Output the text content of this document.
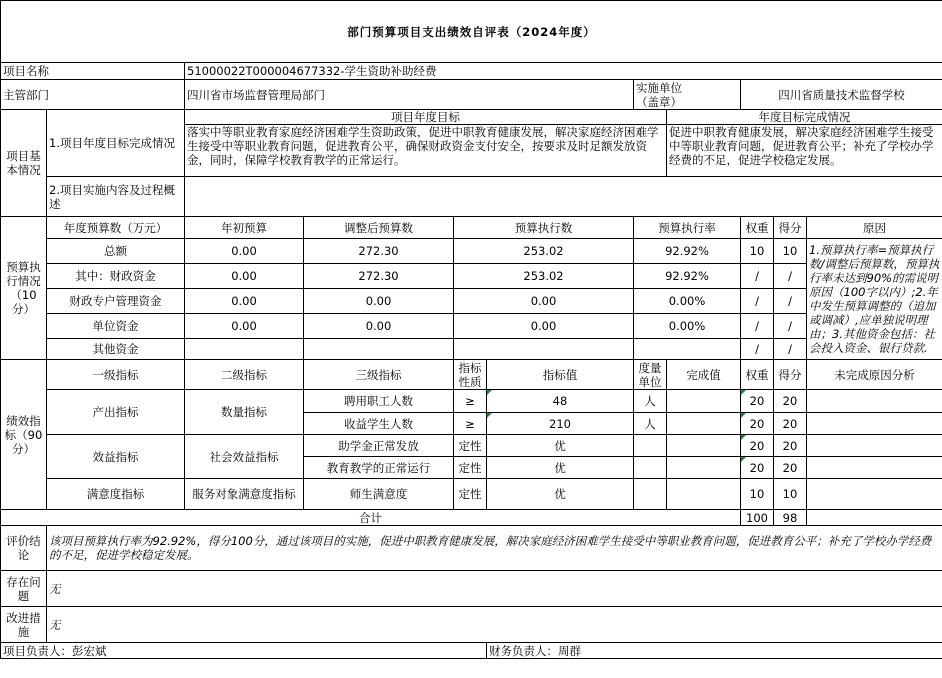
部门预算项目支出绩效自评表（2024年度）										
项目名称		51000022T000004677332-学生资助补助经费								
主管部门		四川省市场监督管理局部门				实施单位
（盖章）		四川省质量技术监督学校		
项目基本情况	1.项目年度目标完成情况	项目年度目标					年度目标完成情况			
		落实中等职业教育家庭经济困难学生资助政策，促进中职教育健康发展，解决家庭经济困难学生接受中等职业教育问题，促进教育公平，确保财政资金支付安全，按要求及时足额发放资金，同时，保障学校教育教学的正常运行。					促进中职教育健康发展，解决家庭经济困难学生接受中等职业教育问题，促进教育公平；补充了学校办学经费的不足，促进学校稳定发展。			
	2.项目实施内容及过程概述									
预算执行情况（10分）	年度预算数（万元）	年初预算	调整后预算数	预算执行数		预算执行率		权重	得分	原因
	总额	0.00	272.30	253.02		92.92%		10	10	1.预算执行率=预算执行数/调整后预算数，预算执行率未达到90%的需说明原因（100字以内）;2.年中发生预算调整的（追加或调减）,应单独说明理由；3.其他资金包括：社会投入资金、银行贷款.
	其中：财政资金	0.00	272.30	253.02		92.92%		/	/	
	财政专户管理资金	0.00	0.00	0.00		0.00%		/	/	
	单位资金	0.00	0.00	0.00		0.00%		/	/	
	其他资金							/	/	
绩效指标（90分）	一级指标	二级指标	三级指标	指标性质	指标值	度量单位	完成值	权重	得分	未完成原因分析
	产出指标	数量指标	聘用职工人数	≥	48	人		20	20	
			收益学生人数	≥	210	人		20	20	
	效益指标	社会效益指标	助学金正常发放	定性	优			20	20	
			教育教学的正常运行	定性	优			20	20	
	满意度指标	服务对象满意度指标	师生满意度	定性	优			10	10	
合计								100	98	
评价结论	该项目预算执行率为92.92%，得分100分，通过该项目的实施，促进中职教育健康发展，解决家庭经济困难学生接受中等职业教育问题，促进教育公平；补充了学校办学经费的不足，促进学校稳定发展。									
存在问题	无									
改进措施	无									
项目负责人：彭宏斌					财务负责人：周群					
